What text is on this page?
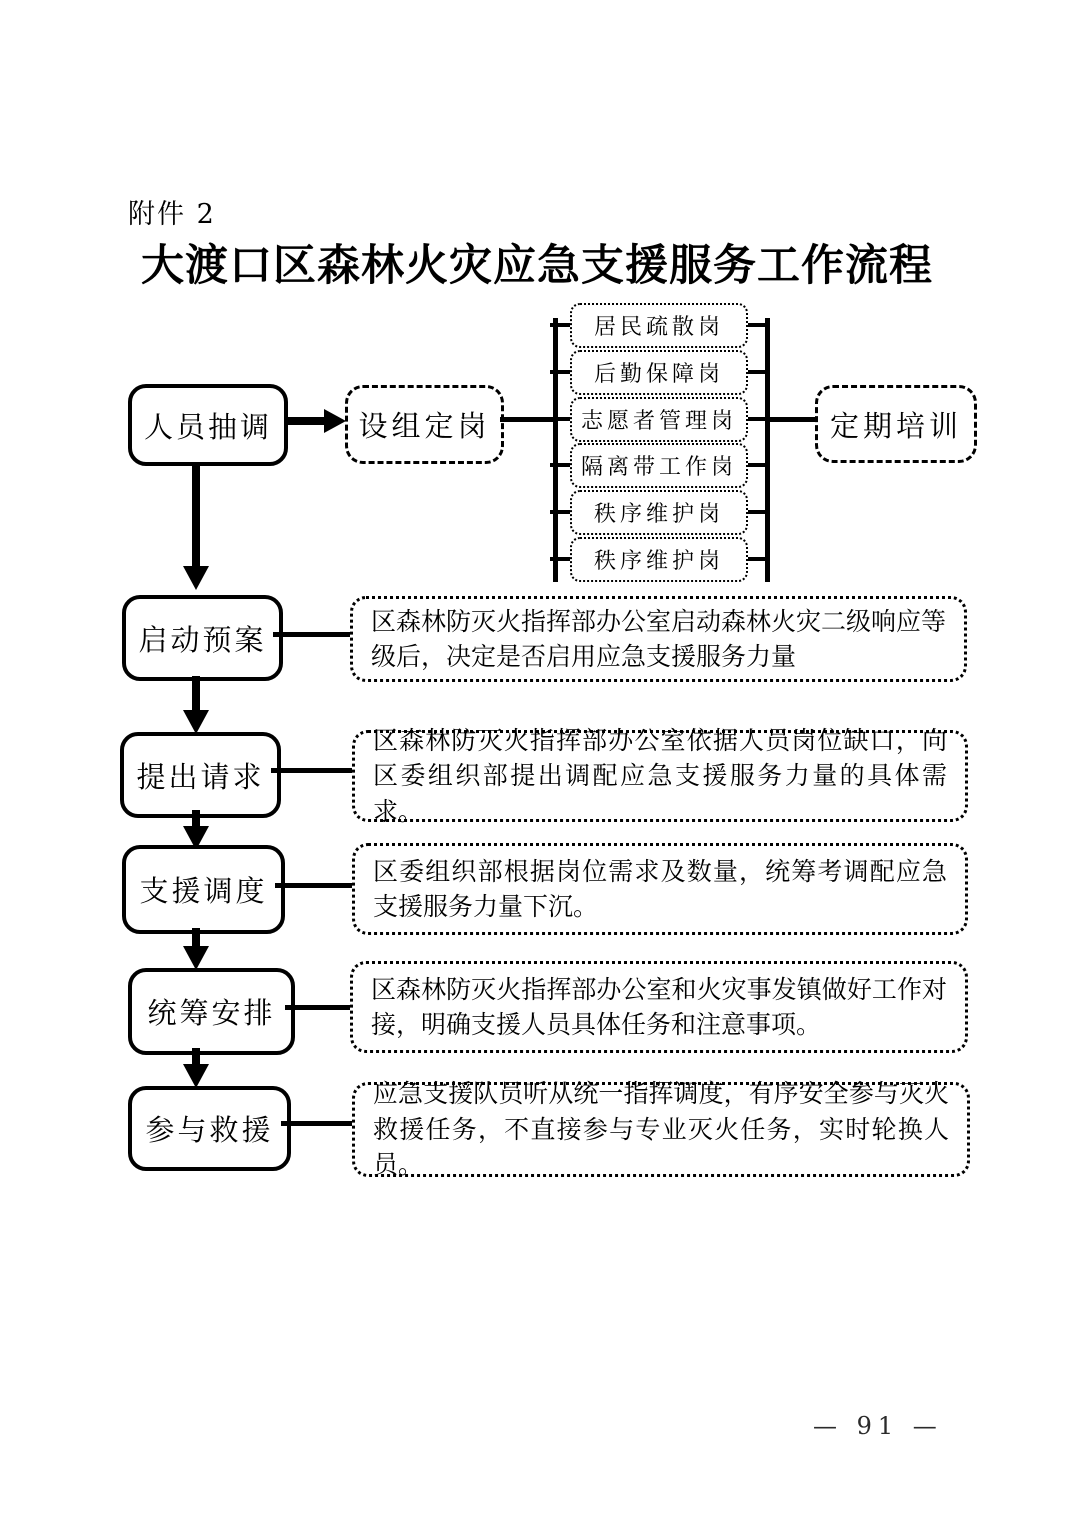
附件 2
大渡口区森林火灾应急支援服务工作流程
人员抽调	设组定岗
居民疏散岗
后勤保障岗
志愿者管理岗
隔离带工作岗
秩序维护岗
秩序维护岗
定期培训
启动预案
区森林防灭火指挥部办公室启动森林火灾二级响应等级后，决定是否启用应急支援服务力量
提出请求
区森林防灭火指挥部办公室依据人员岗位缺口，向区委组织部提出调配应急支援服务力量的具体需求。
支援调度
区委组织部根据岗位需求及数量，统筹考调配应急支援服务力量下沉。
统筹安排
区森林防灭火指挥部办公室和火灾事发镇做好工作对接，明确支援人员具体任务和注意事项。
参与救援
应急支援队员听从统一指挥调度，有序安全参与灭火救援任务，不直接参与专业灭火任务，实时轮换人员。
— 91 —
